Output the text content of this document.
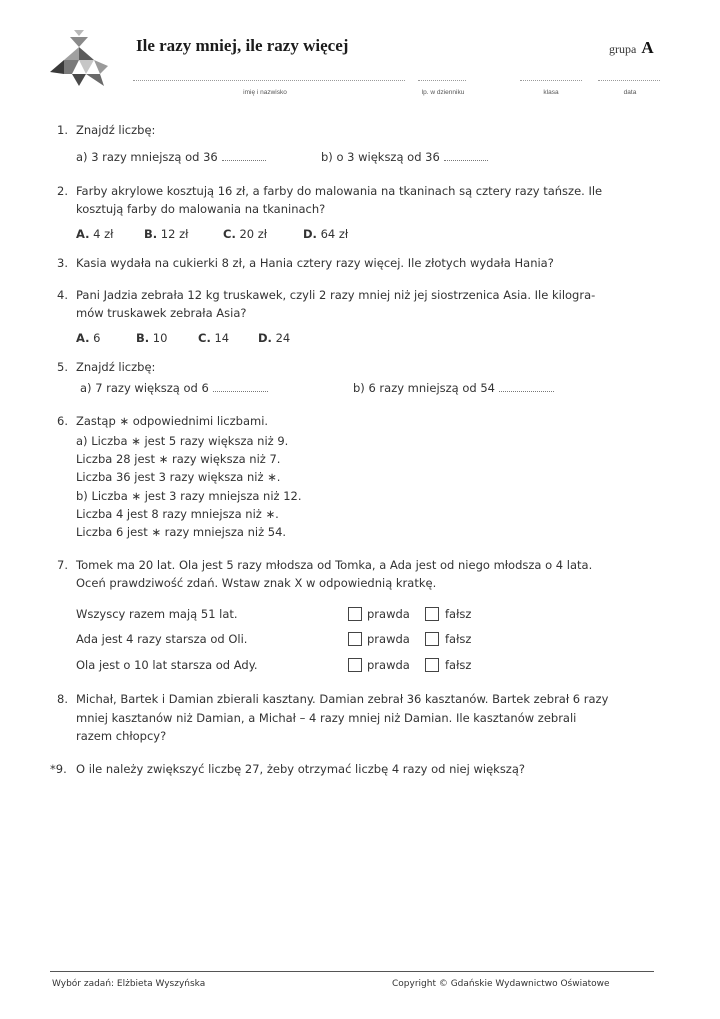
Ile razy mniej, ile razy więcej	grupa A
imię i nazwisko	lp. w dzienniku	klasa	data
1. Znajdź liczbę:
a) 3 razy mniejszą od 36	b) o 3 większą od 36
2. Farby akrylowe kosztują 16 zł, a farby do malowania na tkaninach są cztery razy tańsze. Ile
kosztują farby do malowania na tkaninach?
A. 4 zł	B. 12 zł	C. 20 zł	D. 64 zł
3. Kasia wydała na cukierki 8 zł, a Hania cztery razy więcej. Ile złotych wydała Hania?
4. Pani Jadzia zebrała 12 kg truskawek, czyli 2 razy mniej niż jej siostrzenica Asia. Ile kilogra-
mów truskawek zebrała Asia?
A. 6	B. 10	C. 14	D. 24
5. Znajdź liczbę:
a) 7 razy większą od 6	b) 6 razy mniejszą od 54
6. Zastąp ∗ odpowiednimi liczbami.
a) Liczba ∗ jest 5 razy większa niż 9.
Liczba 28 jest ∗ razy większa niż 7.
Liczba 36 jest 3 razy większa niż ∗.
b) Liczba ∗ jest 3 razy mniejsza niż 12.
Liczba 4 jest 8 razy mniejsza niż ∗.
Liczba 6 jest ∗ razy mniejsza niż 54.
7. Tomek ma 20 lat. Ola jest 5 razy młodsza od Tomka, a Ada jest od niego młodsza o 4 lata.
Oceń prawdziwość zdań. Wstaw znak X w odpowiednią kratkę.
Wszyscy razem mają 51 lat.	prawda	fałsz
Ada jest 4 razy starsza od Oli.	prawda	fałsz
Ola jest o 10 lat starsza od Ady.	prawda	fałsz
8. Michał, Bartek i Damian zbierali kasztany. Damian zebrał 36 kasztanów. Bartek zebrał 6 razy
mniej kasztanów niż Damian, a Michał – 4 razy mniej niż Damian. Ile kasztanów zebrali
razem chłopcy?
*9. O ile należy zwiększyć liczbę 27, żeby otrzymać liczbę 4 razy od niej większą?
Wybór zadań: Elżbieta Wyszyńska	Copyright © Gdańskie Wydawnictwo Oświatowe
